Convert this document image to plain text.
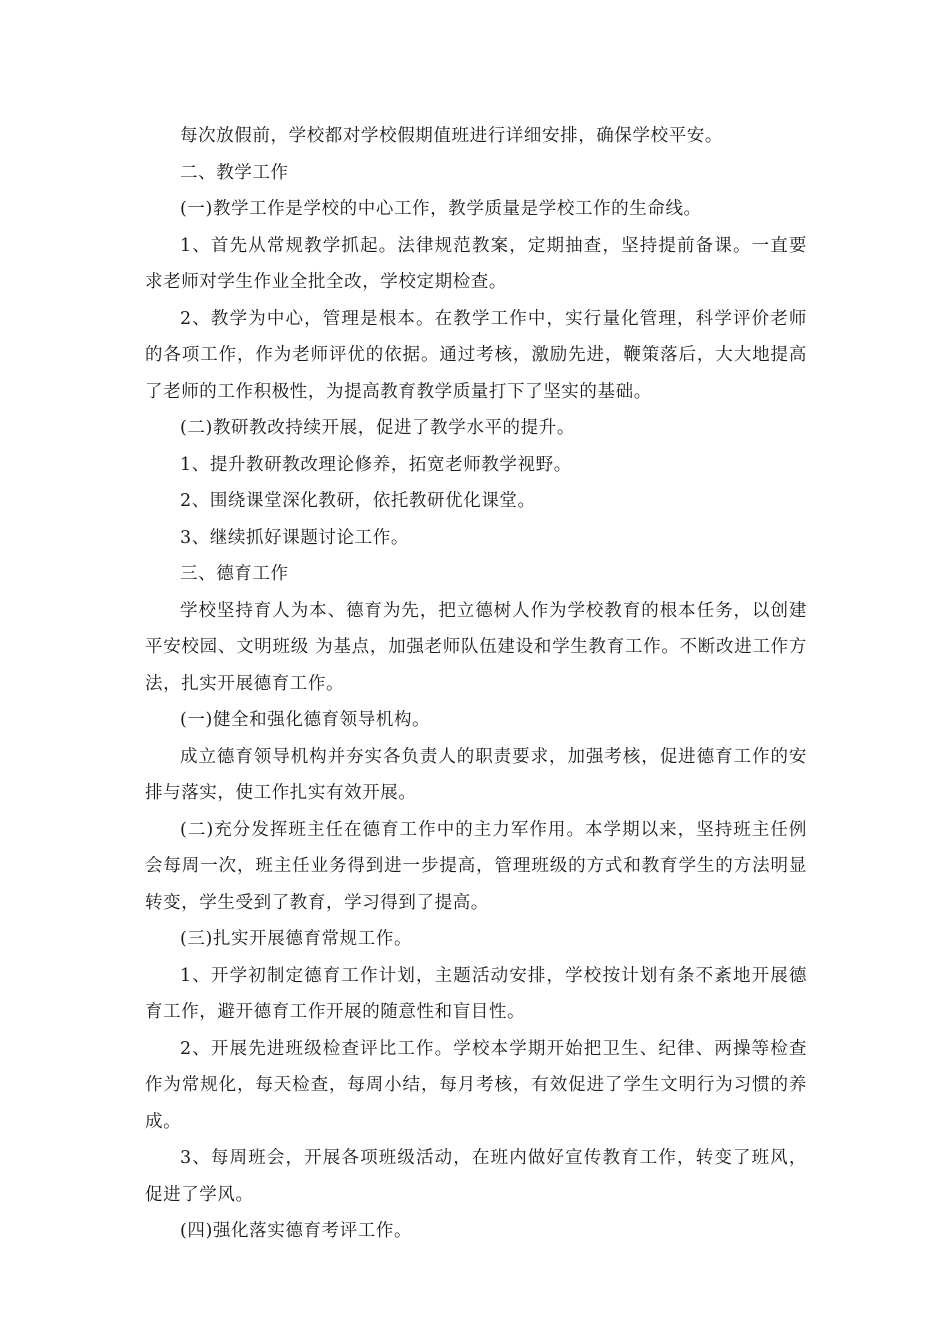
每次放假前，学校都对学校假期值班进行详细安排，确保学校平安。

二、教学工作

(一)教学工作是学校的中心工作，教学质量是学校工作的生命线。

1、首先从常规教学抓起。法律规范教案，定期抽查，坚持提前备课。一直要求老师对学生作业全批全改，学校定期检查。

2、教学为中心，管理是根本。在教学工作中，实行量化管理，科学评价老师的各项工作，作为老师评优的依据。通过考核，激励先进，鞭策落后，大大地提高了老师的工作积极性，为提高教育教学质量打下了坚实的基础。

(二)教研教改持续开展，促进了教学水平的提升。

1、提升教研教改理论修养，拓宽老师教学视野。

2、围绕课堂深化教研，依托教研优化课堂。

3、继续抓好课题讨论工作。

三、德育工作

学校坚持育人为本、德育为先，把立德树人作为学校教育的根本任务，以创建 平安校园、文明班级 为基点，加强老师队伍建设和学生教育工作。不断改进工作方法，扎实开展德育工作。

(一)健全和强化德育领导机构。

成立德育领导机构并夯实各负责人的职责要求，加强考核，促进德育工作的安排与落实，使工作扎实有效开展。

(二)充分发挥班主任在德育工作中的主力军作用。本学期以来，坚持班主任例会每周一次，班主任业务得到进一步提高，管理班级的方式和教育学生的方法明显转变，学生受到了教育，学习得到了提高。

(三)扎实开展德育常规工作。

1、开学初制定德育工作计划，主题活动安排，学校按计划有条不紊地开展德育工作，避开德育工作开展的随意性和盲目性。

2、开展先进班级检查评比工作。学校本学期开始把卫生、纪律、两操等检查作为常规化，每天检查，每周小结，每月考核，有效促进了学生文明行为习惯的养成。

3、每周班会，开展各项班级活动，在班内做好宣传教育工作，转变了班风，促进了学风。

(四)强化落实德育考评工作。
